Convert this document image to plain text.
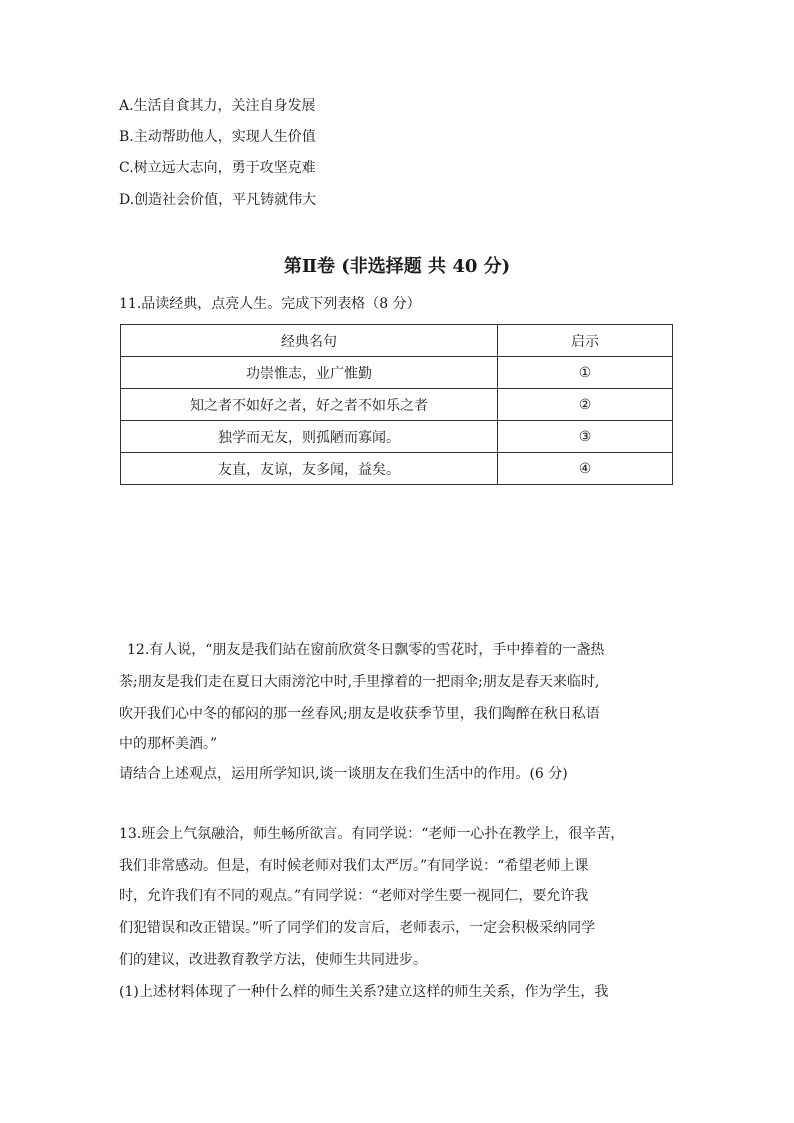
A.生活自食其力，关注自身发展
B.主动帮助他人，实现人生价值
C.树立远大志向，勇于攻坚克难
D.创造社会价值，平凡铸就伟大
第Ⅱ卷 (非选择题 共 40 分)
11.品读经典，点亮人生。完成下列表格（8 分）
经典名句	启示
功崇惟志，业广惟勤	①
知之者不如好之者，好之者不如乐之者	②
独学而无友，则孤陋而寡闻。	③
友直，友谅，友多闻，益矣。	④
12.有人说，“朋友是我们站在窗前欣赏冬日飘零的雪花时，手中捧着的一盏热
茶;朋友是我们走在夏日大雨滂沱中时,手里撑着的一把雨伞;朋友是春天来临时,
吹开我们心中冬的郁闷的那一丝春风;朋友是收获季节里，我们陶醉在秋日私语
中的那杯美酒。”
请结合上述观点，运用所学知识,谈一谈朋友在我们生活中的作用。(6 分)
13.班会上气氛融洽，师生畅所欲言。有同学说：“老师一心扑在教学上，很辛苦，
我们非常感动。但是，有时候老师对我们太严厉。”有同学说：“希望老师上课
时，允许我们有不同的观点。”有同学说：“老师对学生要一视同仁，要允许我
们犯错误和改正错误。”听了同学们的发言后，老师表示，一定会积极采纳同学
们的建议，改进教育教学方法，使师生共同进步。
(1)上述材料体现了一种什么样的师生关系?建立这样的师生关系，作为学生，我
